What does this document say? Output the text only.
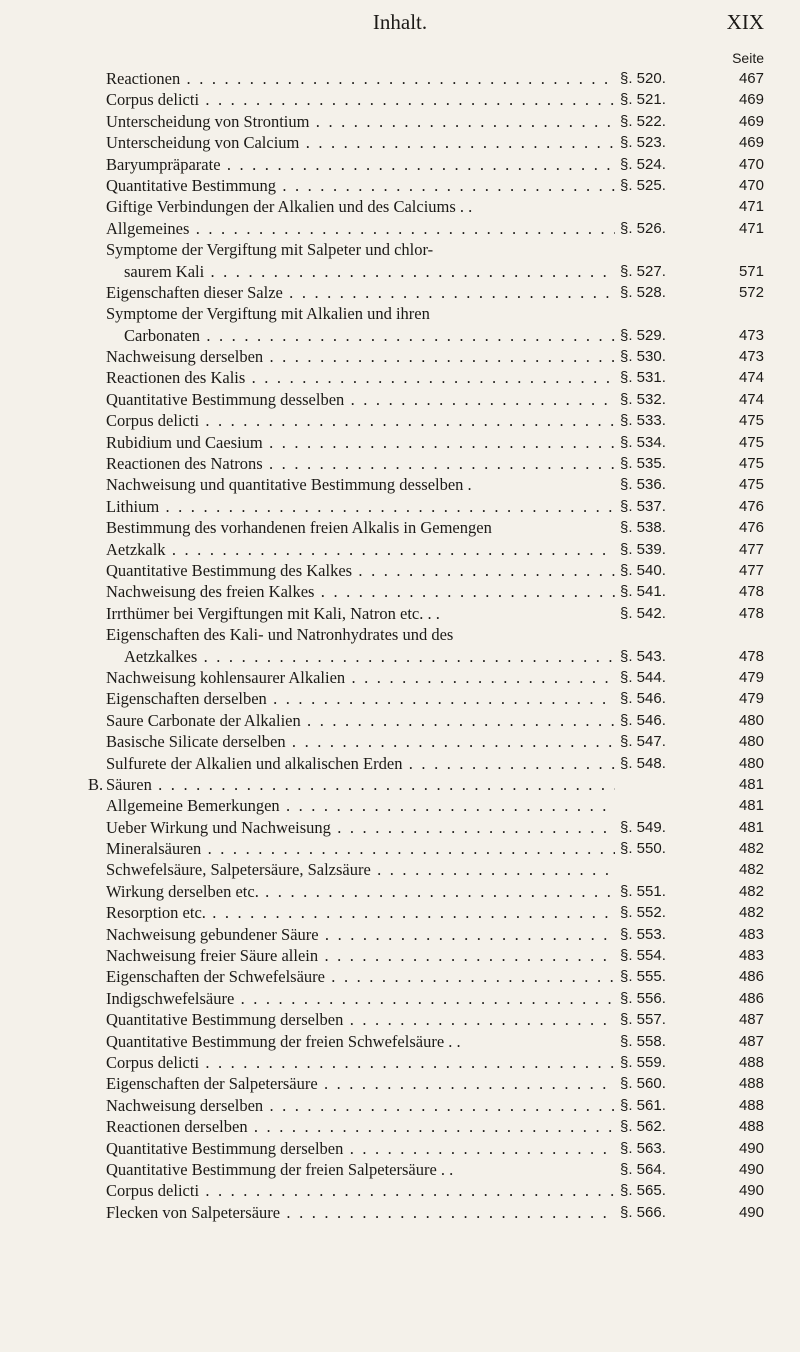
Inhalt.	XIX
Seite
Reactionen . . .	§. 520.	467
Corpus delicti . . .	§. 521.	469
Unterscheidung von Strontium . . .	§. 522.	469
Unterscheidung von Calcium . . .	§. 523.	469
Baryumpräparate . . .	§. 524.	470
Quantitative Bestimmung . . .	§. 525.	470
Giftige Verbindungen der Alkalien und des Calciums . .	471
Allgemeines . . .	§. 526.	471
Symptome der Vergiftung mit Salpeter und chlor-
saurem Kali . . .	§. 527.	571
Eigenschaften dieser Salze . . .	§. 528.	572
Symptome der Vergiftung mit Alkalien und ihren
Carbonaten . . .	§. 529.	473
Nachweisung derselben . . .	§. 530.	473
Reactionen des Kalis . . .	§. 531.	474
Quantitative Bestimmung desselben . . .	§. 532.	474
Corpus delicti . . .	§. 533.	475
Rubidium und Caesium . . .	§. 534.	475
Reactionen des Natrons . . .	§. 535.	475
Nachweisung und quantitative Bestimmung desselben .	§. 536.	475
Lithium . . .	§. 537.	476
Bestimmung des vorhandenen freien Alkalis in Gemengen	§. 538.	476
Aetzkalk . . .	§. 539.	477
Quantitative Bestimmung des Kalkes . . .	§. 540.	477
Nachweisung des freien Kalkes . . .	§. 541.	478
Irrthümer bei Vergiftungen mit Kali, Natron etc. . .	§. 542.	478
Eigenschaften des Kali- und Natronhydrates und des
Aetzkalkes . . .	§. 543.	478
Nachweisung kohlensaurer Alkalien . . .	§. 544.	479
Eigenschaften derselben . . .	§. 546.	479
Saure Carbonate der Alkalien . . .	§. 546.	480
Basische Silicate derselben . . .	§. 547.	480
Sulfurete der Alkalien und alkalischen Erden . . .	§. 548.	480
B. Säuren . . .	481
Allgemeine Bemerkungen . . .	481
Ueber Wirkung und Nachweisung . . .	§. 549.	481
Mineralsäuren . . .	§. 550.	482
Schwefelsäure, Salpetersäure, Salzsäure . . .	482
Wirkung derselben etc. . . .	§. 551.	482
Resorption etc. . . .	§. 552.	482
Nachweisung gebundener Säure . . .	§. 553.	483
Nachweisung freier Säure allein . . .	§. 554.	483
Eigenschaften der Schwefelsäure . . .	§. 555.	486
Indigschwefelsäure . . .	§. 556.	486
Quantitative Bestimmung derselben . . .	§. 557.	487
Quantitative Bestimmung der freien Schwefelsäure . .	§. 558.	487
Corpus delicti . . .	§. 559.	488
Eigenschaften der Salpetersäure . . .	§. 560.	488
Nachweisung derselben . . .	§. 561.	488
Reactionen derselben . . .	§. 562.	488
Quantitative Bestimmung derselben . . .	§. 563.	490
Quantitative Bestimmung der freien Salpetersäure . .	§. 564.	490
Corpus delicti . . .	§. 565.	490
Flecken von Salpetersäure . . .	§. 566.	490
